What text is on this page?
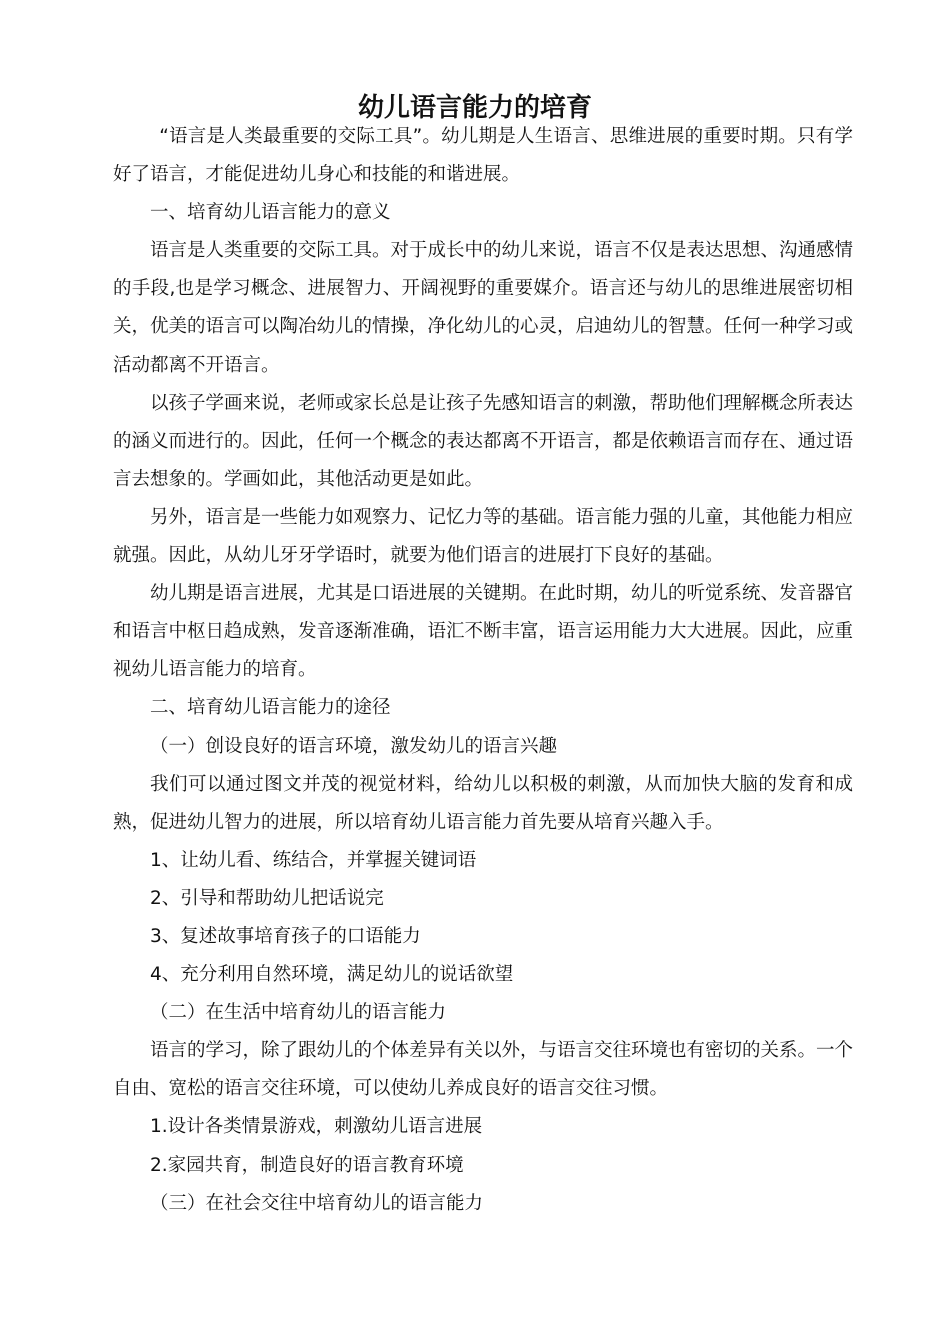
幼儿语言能力的培育

“语言是人类最重要的交际工具”。幼儿期是人生语言、思维进展的重要时期。只有学好了语言，才能促进幼儿身心和技能的和谐进展。

一、培育幼儿语言能力的意义

语言是人类重要的交际工具。对于成长中的幼儿来说，语言不仅是表达思想、沟通感情的手段,也是学习概念、进展智力、开阔视野的重要媒介。语言还与幼儿的思维进展密切相关，优美的语言可以陶冶幼儿的情操，净化幼儿的心灵，启迪幼儿的智慧。任何一种学习或活动都离不开语言。

以孩子学画来说，老师或家长总是让孩子先感知语言的刺激，帮助他们理解概念所表达的涵义而进行的。因此，任何一个概念的表达都离不开语言，都是依赖语言而存在、通过语言去想象的。学画如此，其他活动更是如此。

另外，语言是一些能力如观察力、记忆力等的基础。语言能力强的儿童，其他能力相应就强。因此，从幼儿牙牙学语时，就要为他们语言的进展打下良好的基础。

幼儿期是语言进展，尤其是口语进展的关键期。在此时期，幼儿的听觉系统、发音器官和语言中枢日趋成熟，发音逐渐准确，语汇不断丰富，语言运用能力大大进展。因此，应重视幼儿语言能力的培育。

二、培育幼儿语言能力的途径

（一）创设良好的语言环境，激发幼儿的语言兴趣

我们可以通过图文并茂的视觉材料，给幼儿以积极的刺激，从而加快大脑的发育和成熟，促进幼儿智力的进展，所以培育幼儿语言能力首先要从培育兴趣入手。

1、让幼儿看、练结合，并掌握关键词语

2、引导和帮助幼儿把话说完

3、复述故事培育孩子的口语能力

4、充分利用自然环境，满足幼儿的说话欲望

（二）在生活中培育幼儿的语言能力

语言的学习，除了跟幼儿的个体差异有关以外，与语言交往环境也有密切的关系。一个自由、宽松的语言交往环境，可以使幼儿养成良好的语言交往习惯。

1.设计各类情景游戏，刺激幼儿语言进展

2.家园共育，制造良好的语言教育环境

（三）在社会交往中培育幼儿的语言能力
